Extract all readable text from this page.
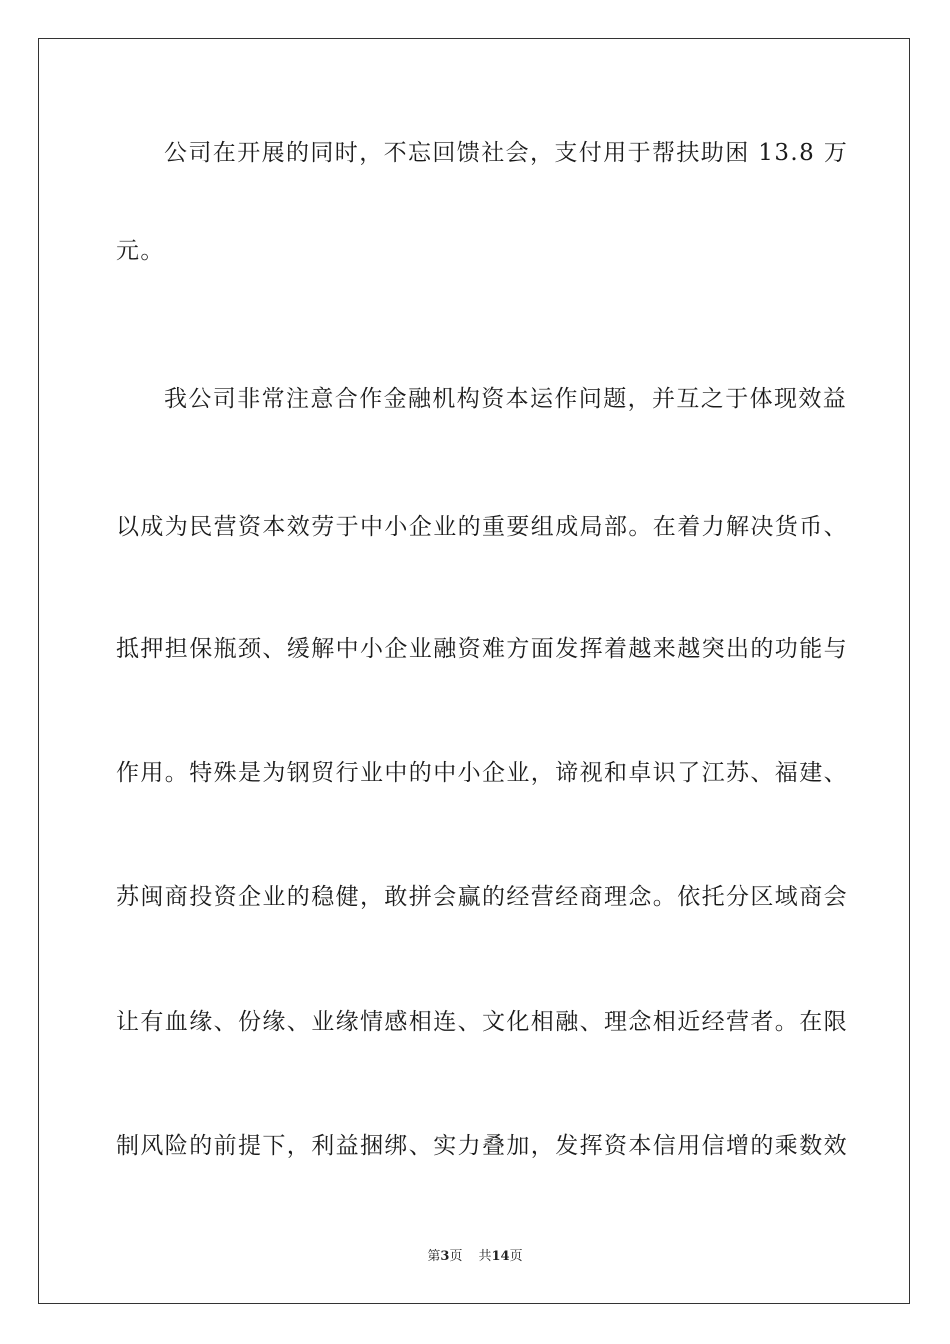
公司在开展的同时，不忘回馈社会，支付用于帮扶助困 13.8 万
元。
我公司非常注意合作金融机构资本运作问题，并互之于体现效益
以成为民营资本效劳于中小企业的重要组成局部。在着力解决货币、
抵押担保瓶颈、缓解中小企业融资难方面发挥着越来越突出的功能与
作用。特殊是为钢贸行业中的中小企业，谛视和卓识了江苏、福建、
苏闽商投资企业的稳健，敢拼会赢的经营经商理念。依托分区域商会
让有血缘、份缘、业缘情感相连、文化相融、理念相近经营者。在限
制风险的前提下，利益捆绑、实力叠加，发挥资本信用信增的乘数效
第3页 共14页
